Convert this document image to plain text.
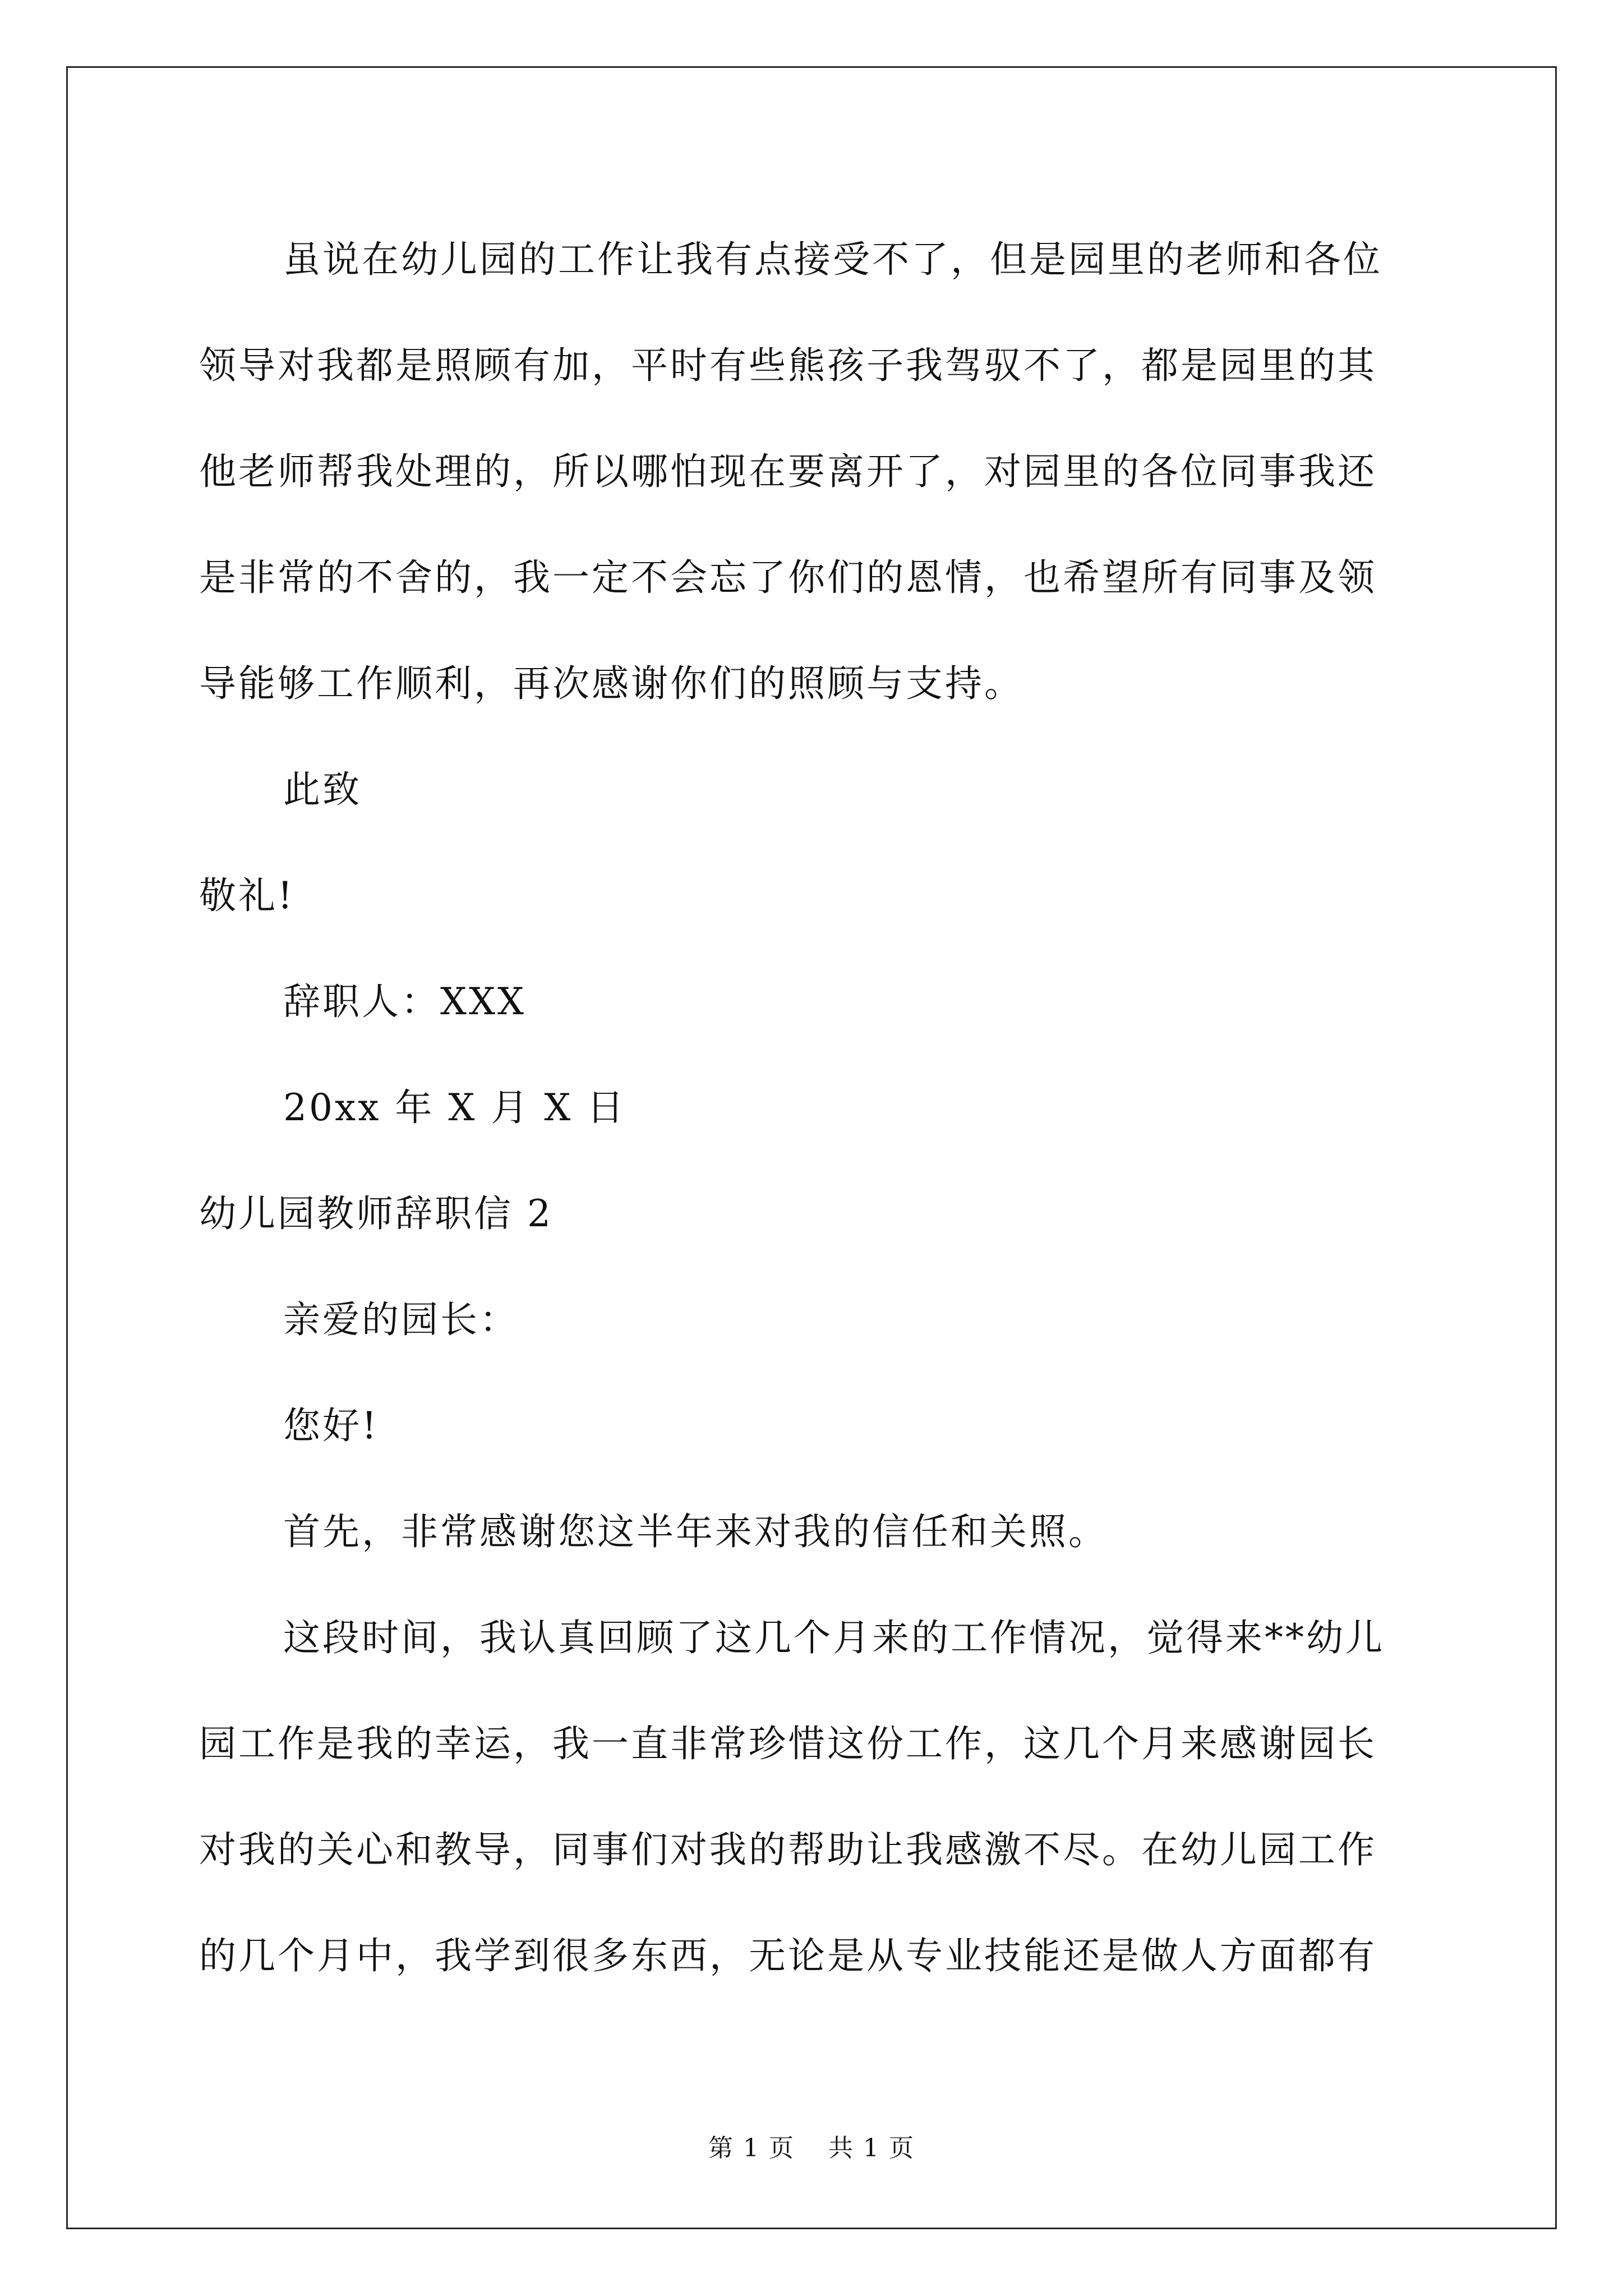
虽说在幼儿园的工作让我有点接受不了，但是园里的老师和各位

领导对我都是照顾有加，平时有些熊孩子我驾驭不了，都是园里的其

他老师帮我处理的，所以哪怕现在要离开了，对园里的各位同事我还

是非常的不舍的，我一定不会忘了你们的恩情，也希望所有同事及领

导能够工作顺利，再次感谢你们的照顾与支持。

此致

敬礼!

辞职人：XXX

20xx 年 X 月 X 日

幼儿园教师辞职信 2

亲爱的园长：

您好!

首先，非常感谢您这半年来对我的信任和关照。

这段时间，我认真回顾了这几个月来的工作情况，觉得来**幼儿

园工作是我的幸运，我一直非常珍惜这份工作，这几个月来感谢园长

对我的关心和教导，同事们对我的帮助让我感激不尽。在幼儿园工作

的几个月中，我学到很多东西，无论是从专业技能还是做人方面都有

第 1 页 共 1 页
